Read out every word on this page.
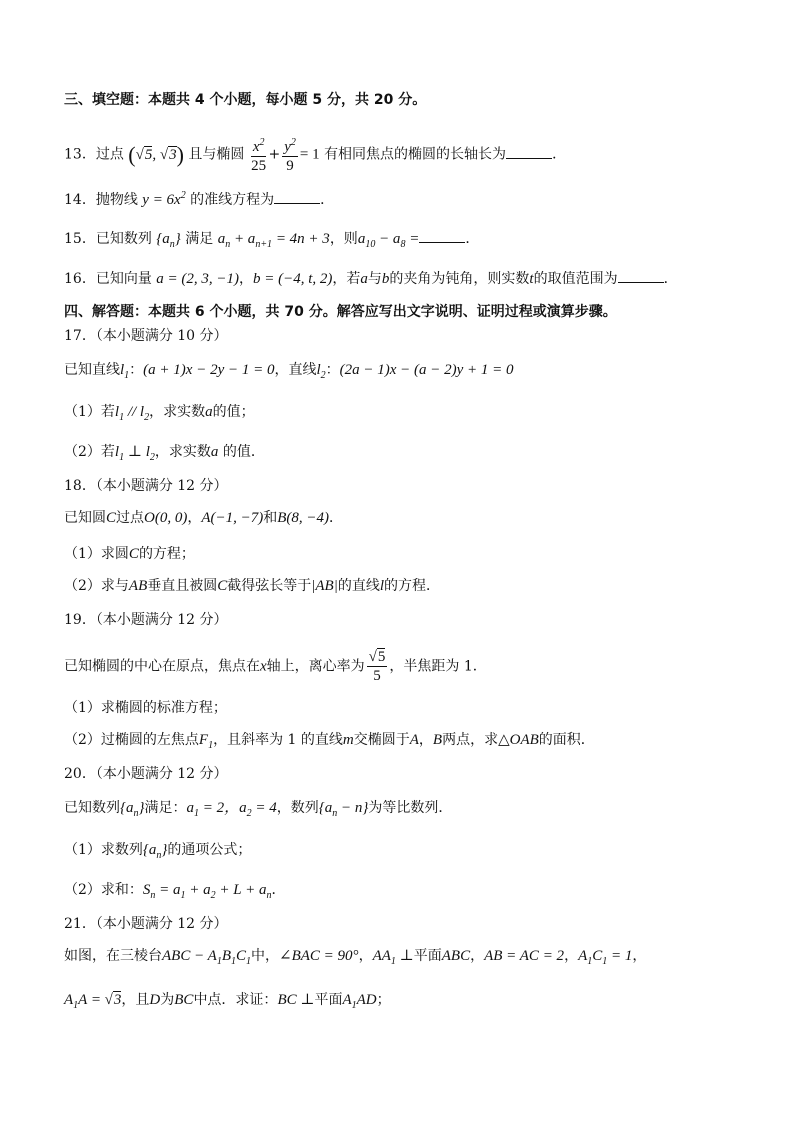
三、填空题：本题共 4 个小题，每小题 5 分，共 20 分。
13．过点 (√5, √3) 且与椭圆 $\frac{x^2}{25} + \frac{y^2}{9} = 1$ 有相同焦点的椭圆的长轴长为	．
14．抛物线 $y = 6x^2$ 的准线方程为	．
15．已知数列 $\{a_n\}$ 满足 $a_n + a_{n+1} = 4n + 3$，则$a_{10} - a_8$ =	．
16．已知向量 a = (2, 3, −1)，b = (−4, t, 2)，若a与b的夹角为钝角，则实数t的取值范围为	．
四、解答题：本题共 6 个小题，共 70 分。解答应写出文字说明、证明过程或演算步骤。
17．（本小题满分 10 分）
已知直线$l_1$：(a + 1)x − 2y − 1 = 0，直线$l_2$：(2a − 1)x − (a − 2)y + 1 = 0
（1）若$l_1 // l_2$，求实数a的值；
（2）若$l_1$ ⊥ $l_2$，求实数a 的值．
18．（本小题满分 12 分）
已知圆C过点O(0, 0)，A(−1, −7)和B(8, −4)．
（1）求圆C的方程；
（2）求与AB垂直且被圆C截得弦长等于|AB|的直线l的方程．
19．（本小题满分 12 分）
已知椭圆的中心在原点，焦点在x轴上，离心率为 $\frac{√5}{5}$ ，半焦距为 1．
（1）求椭圆的标准方程；
（2）过椭圆的左焦点$F_1$，且斜率为 1 的直线m交椭圆于A，B两点，求△OAB的面积．
20．（本小题满分 12 分）
已知数列$\{a_n\}$满足：$a_1 = 2$，$a_2 = 4$，数列$\{a_n - n\}$为等比数列．
（1）求数列$\{a_n\}$的通项公式；
（2）求和：$S_n = a_1 + a_2 + L + a_n$．
21．（本小题满分 12 分）
如图，在三棱台ABC − $A_1B_1C_1$中，∠BAC = 90°，$AA_1$ ⊥平面ABC，AB = AC = 2，$A_1C_1 = 1$，
$A_1A = √3$，且D为BC中点．求证：BC ⊥平面$A_1AD$；
